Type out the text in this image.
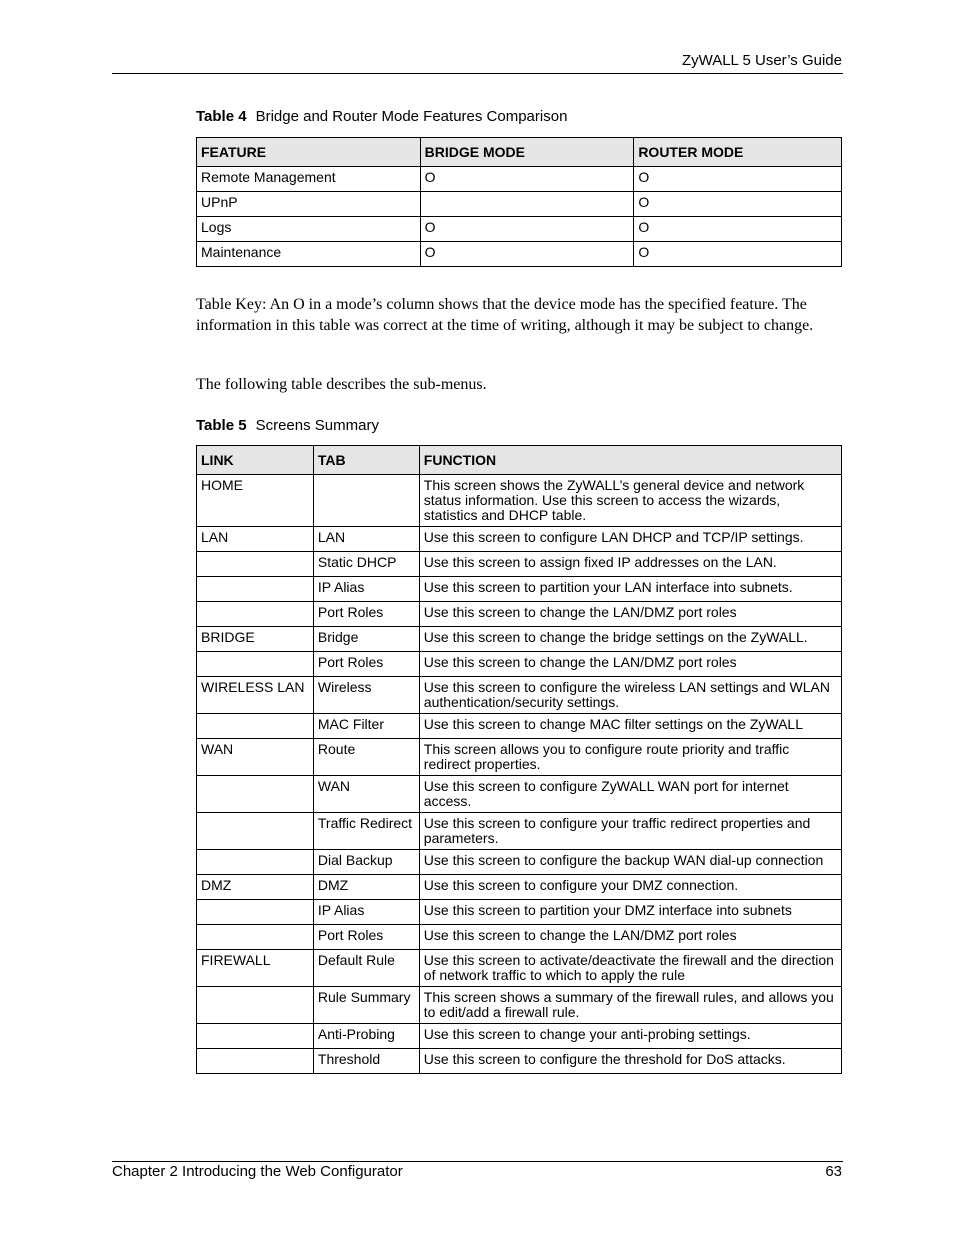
ZyWALL 5 User’s Guide
Table 4 Bridge and Router Mode Features Comparison
FEATURE	BRIDGE MODE	ROUTER MODE
Remote Management	O	O
UPnP		O
Logs	O	O
Maintenance	O	O
Table Key: An O in a mode’s column shows that the device mode has the specified feature. The information in this table was correct at the time of writing, although it may be subject to change.
The following table describes the sub-menus.
Table 5 Screens Summary
LINK	TAB	FUNCTION
HOME		This screen shows the ZyWALL’s general device and network status information. Use this screen to access the wizards, statistics and DHCP table.
LAN	LAN	Use this screen to configure LAN DHCP and TCP/IP settings.
	Static DHCP	Use this screen to assign fixed IP addresses on the LAN.
	IP Alias	Use this screen to partition your LAN interface into subnets.
	Port Roles	Use this screen to change the LAN/DMZ port roles
BRIDGE	Bridge	Use this screen to change the bridge settings on the ZyWALL.
	Port Roles	Use this screen to change the LAN/DMZ port roles
WIRELESS LAN	Wireless	Use this screen to configure the wireless LAN settings and WLAN authentication/security settings.
	MAC Filter	Use this screen to change MAC filter settings on the ZyWALL
WAN	Route	This screen allows you to configure route priority and traffic redirect properties.
	WAN	Use this screen to configure ZyWALL WAN port for internet access.
	Traffic Redirect	Use this screen to configure your traffic redirect properties and parameters.
	Dial Backup	Use this screen to configure the backup WAN dial-up connection
DMZ	DMZ	Use this screen to configure your DMZ connection.
	IP Alias	Use this screen to partition your DMZ interface into subnets
	Port Roles	Use this screen to change the LAN/DMZ port roles
FIREWALL	Default Rule	Use this screen to activate/deactivate the firewall and the direction of network traffic to which to apply the rule
	Rule Summary	This screen shows a summary of the firewall rules, and allows you to edit/add a firewall rule.
	Anti-Probing	Use this screen to change your anti-probing settings.
	Threshold	Use this screen to configure the threshold for DoS attacks.
Chapter 2 Introducing the Web Configurator	63
